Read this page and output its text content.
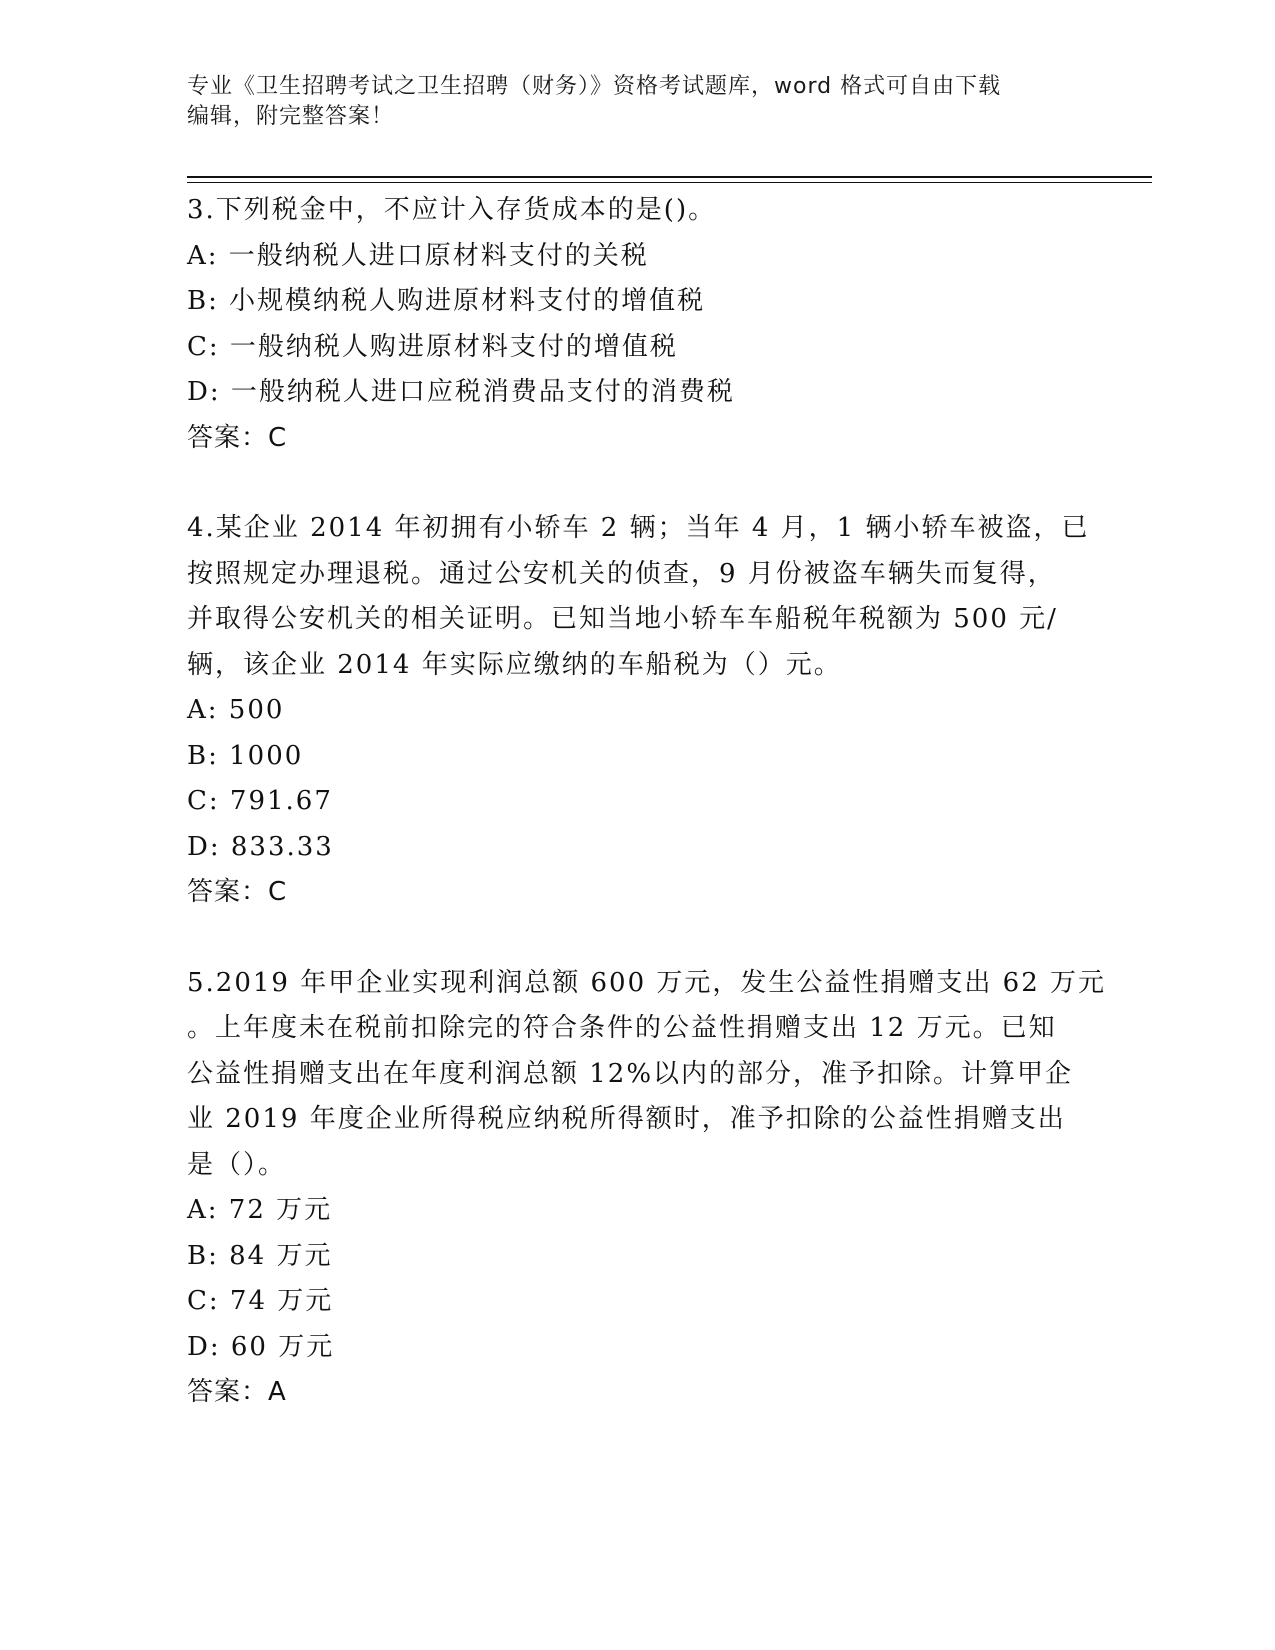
专业《卫生招聘考试之卫生招聘（财务）》资格考试题库，word 格式可自由下载
编辑，附完整答案！
3.下列税金中，不应计入存货成本的是()。
A: 一般纳税人进口原材料支付的关税
B: 小规模纳税人购进原材料支付的增值税
C: 一般纳税人购进原材料支付的增值税
D: 一般纳税人进口应税消费品支付的消费税
答案：C
4.某企业 2014 年初拥有小轿车 2 辆；当年 4 月，1 辆小轿车被盗，已
按照规定办理退税。通过公安机关的侦查，9 月份被盗车辆失而复得，
并取得公安机关的相关证明。已知当地小轿车车船税年税额为 500 元/
辆，该企业 2014 年实际应缴纳的车船税为（）元。
A: 500
B: 1000
C: 791.67
D: 833.33
答案：C
5.2019 年甲企业实现利润总额 600 万元，发生公益性捐赠支出 62 万元
。上年度未在税前扣除完的符合条件的公益性捐赠支出 12 万元。已知
公益性捐赠支出在年度利润总额 12%以内的部分，准予扣除。计算甲企
业 2019 年度企业所得税应纳税所得额时，准予扣除的公益性捐赠支出
是（）。
A: 72 万元
B: 84 万元
C: 74 万元
D: 60 万元
答案：A
